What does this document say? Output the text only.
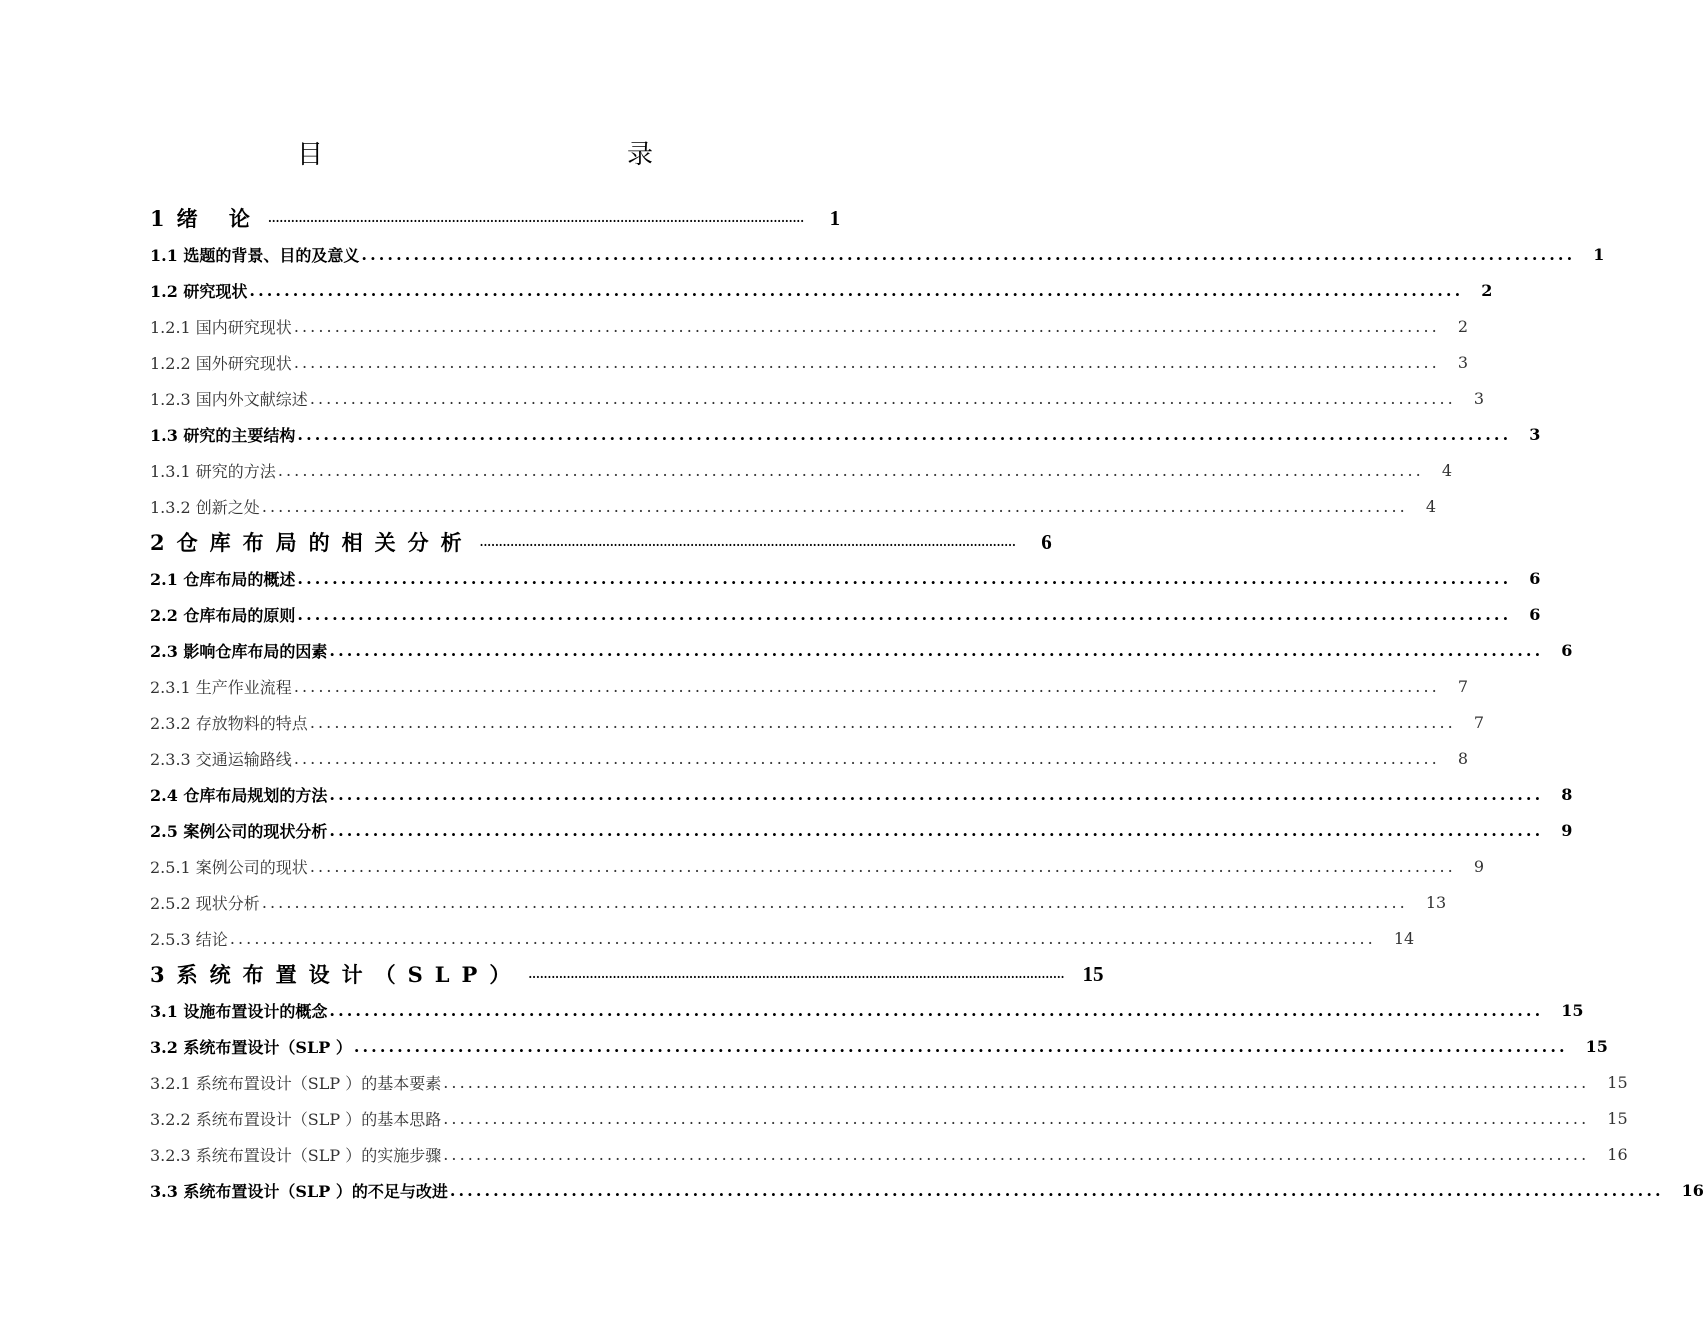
目　　录
1绪 论 ............................................................................................................................................	1
1.1 选题的背景、目的及意义 ............................................................................................................................................ 1
1.2 研究现状 ............................................................................................................................................ 2
1.2.1 国内研究现状 ............................................................................................................................................ 2
1.2.2 国外研究现状 ............................................................................................................................................ 3
1.2.3 国内外文献综述 ............................................................................................................................................ 3
1.3 研究的主要结构 ............................................................................................................................................ 3
1.3.1 研究的方法 ............................................................................................................................................ 4
1.3.2 创新之处 ............................................................................................................................................ 4
2仓库布局的相关分析 ............................................................................................................................................	6
2.1 仓库布局的概述 ............................................................................................................................................ 6
2.2 仓库布局的原则 ............................................................................................................................................ 6
2.3 影响仓库布局的因素 ............................................................................................................................................ 6
2.3.1 生产作业流程 ............................................................................................................................................ 7
2.3.2 存放物料的特点 ............................................................................................................................................ 7
2.3.3 交通运输路线 ............................................................................................................................................ 8
2.4 仓库布局规划的方法 ............................................................................................................................................ 8
2.5 案例公司的现状分析 ............................................................................................................................................ 9
2.5.1 案例公司的现状 ............................................................................................................................................ 9
2.5.2 现状分析 ............................................................................................................................................ 13
2.5.3 结论 ............................................................................................................................................ 14
3系统布置设计（SLP） ............................................................................................................................................ 15
3.1 设施布置设计的概念 ............................................................................................................................................ 15
3.2 系统布置设计（SLP ） ............................................................................................................................................ 15
3.2.1 系统布置设计（SLP ）的基本要素 ............................................................................................................................................ 15
3.2.2 系统布置设计（SLP ）的基本思路 ............................................................................................................................................ 15
3.2.3 系统布置设计（SLP ）的实施步骤 ............................................................................................................................................ 16
3.3 系统布置设计（SLP ）的不足与改进 ............................................................................................................................................ 16
